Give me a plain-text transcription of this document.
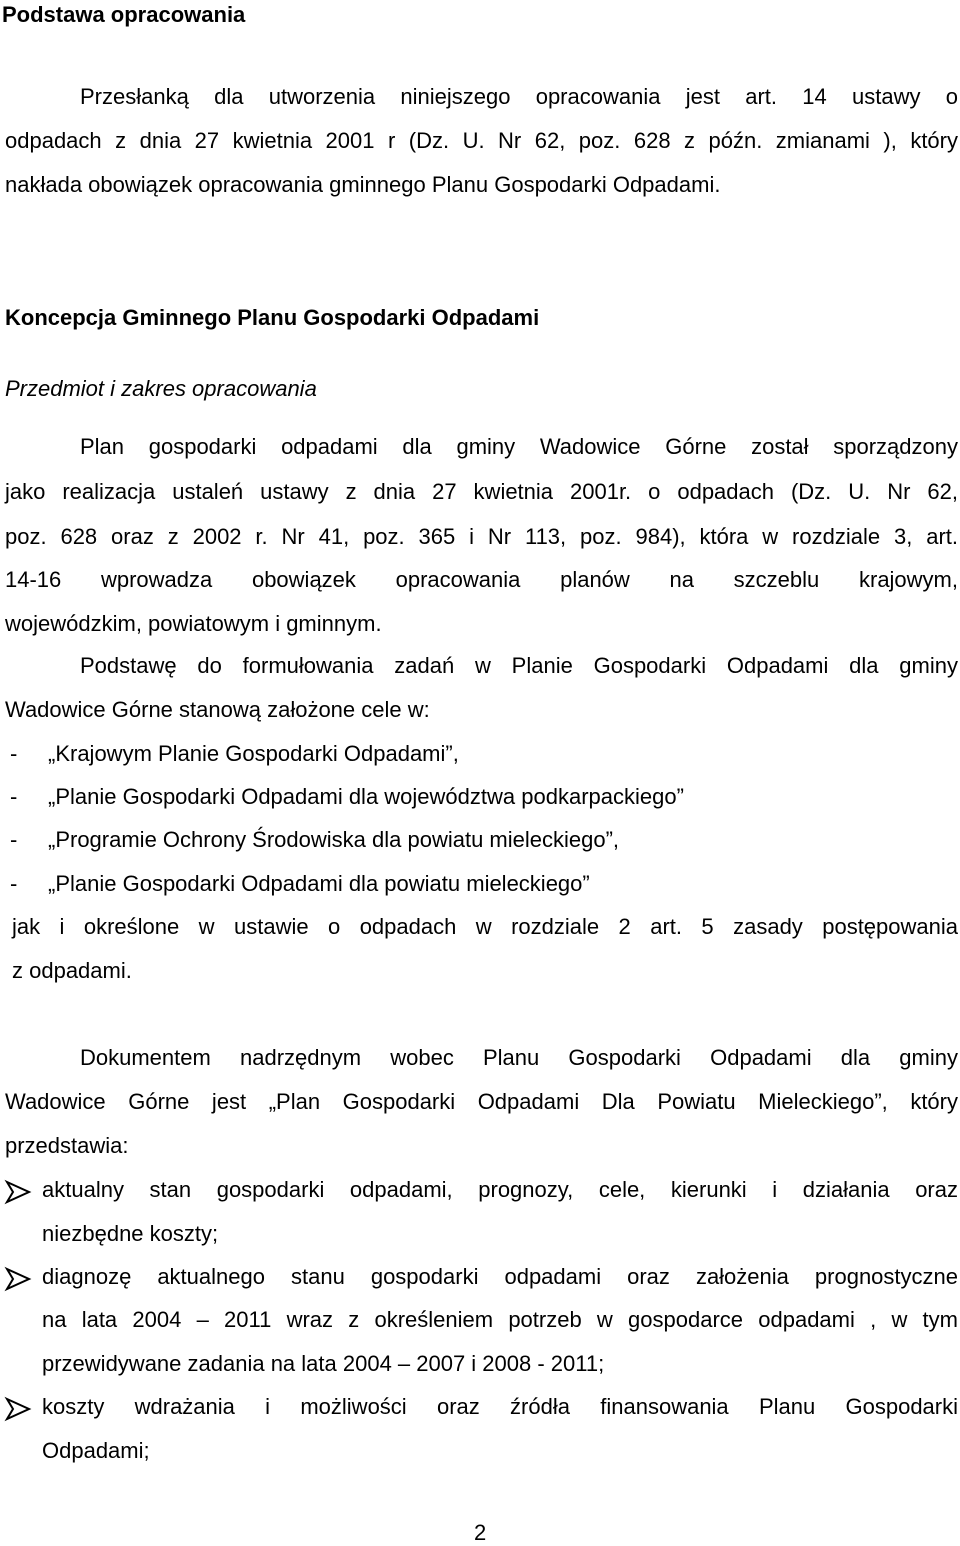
Podstawa opracowania
Przesłanką dla utworzenia niniejszego opracowania jest art. 14 ustawy o
odpadach z dnia 27 kwietnia 2001 r (Dz. U. Nr 62, poz. 628 z późn. zmianami ), który
nakłada obowiązek opracowania gminnego Planu Gospodarki Odpadami.
Koncepcja Gminnego Planu Gospodarki Odpadami
Przedmiot i zakres opracowania
Plan gospodarki odpadami dla gminy Wadowice Górne został sporządzony
jako realizacja ustaleń ustawy z dnia 27 kwietnia 2001r. o odpadach (Dz. U. Nr 62,
poz. 628 oraz z 2002 r. Nr 41, poz. 365 i Nr 113, poz. 984), która w rozdziale 3, art.
14-16 wprowadza obowiązek opracowania planów na szczeblu krajowym,
wojewódzkim, powiatowym i gminnym.
Podstawę do formułowania zadań w Planie Gospodarki Odpadami dla gminy
Wadowice Górne stanową założone cele w:
- „Krajowym Planie Gospodarki Odpadami”,
- „Planie Gospodarki Odpadami dla województwa podkarpackiego”
- „Programie Ochrony Środowiska dla powiatu mieleckiego”,
- „Planie Gospodarki Odpadami dla powiatu mieleckiego”
jak i określone w ustawie o odpadach w rozdziale 2 art. 5 zasady postępowania
z odpadami.
Dokumentem nadrzędnym wobec Planu Gospodarki Odpadami dla gminy
Wadowice Górne jest „Plan Gospodarki Odpadami Dla Powiatu Mieleckiego”, który
przedstawia:
aktualny stan gospodarki odpadami, prognozy, cele, kierunki i działania oraz
niezbędne koszty;
diagnozę aktualnego stanu gospodarki odpadami oraz założenia prognostyczne
na lata 2004 – 2011 wraz z określeniem potrzeb w gospodarce odpadami , w tym
przewidywane zadania na lata 2004 – 2007 i 2008 - 2011;
koszty wdrażania i możliwości oraz źródła finansowania Planu Gospodarki
Odpadami;
2
